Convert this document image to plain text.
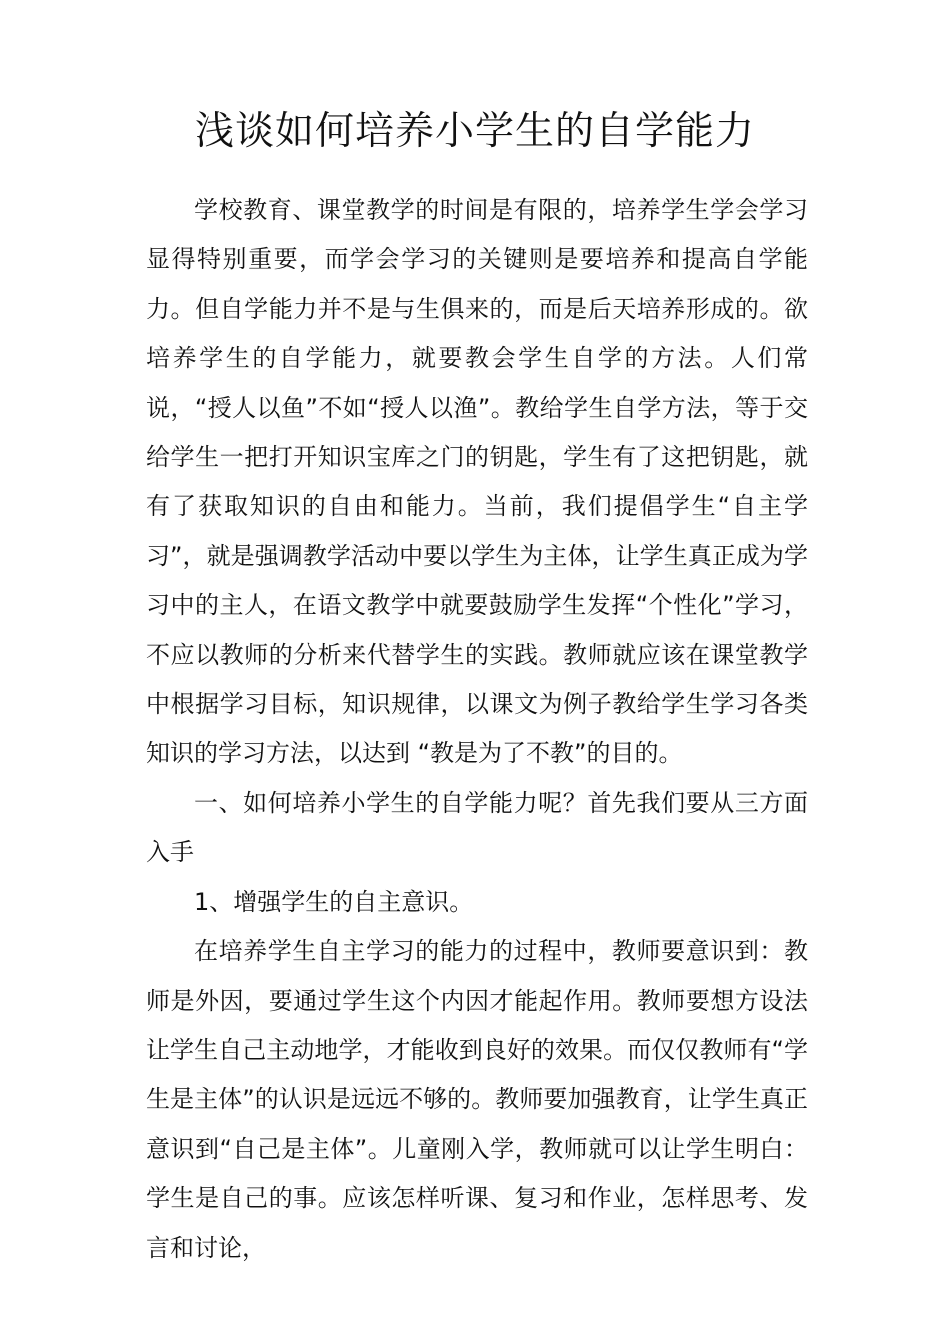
浅谈如何培养小学生的自学能力

学校教育、课堂教学的时间是有限的，培养学生学会学习显得特别重要，而学会学习的关键则是要培养和提高自学能力。但自学能力并不是与生俱来的，而是后天培养形成的。欲培养学生的自学能力，就要教会学生自学的方法。人们常说，“授人以鱼”不如“授人以渔”。教给学生自学方法，等于交给学生一把打开知识宝库之门的钥匙，学生有了这把钥匙，就有了获取知识的自由和能力。当前，我们提倡学生“自主学习”，就是强调教学活动中要以学生为主体，让学生真正成为学习中的主人，在语文教学中就要鼓励学生发挥“个性化”学习，不应以教师的分析来代替学生的实践。教师就应该在课堂教学中根据学习目标，知识规律，以课文为例子教给学生学习各类知识的学习方法，以达到 “教是为了不教”的目的。

一、如何培养小学生的自学能力呢？首先我们要从三方面入手

1、增强学生的自主意识。

在培养学生自主学习的能力的过程中，教师要意识到：教师是外因，要通过学生这个内因才能起作用。教师要想方设法让学生自己主动地学，才能收到良好的效果。而仅仅教师有“学生是主体”的认识是远远不够的。教师要加强教育，让学生真正意识到“自己是主体”。儿童刚入学，教师就可以让学生明白：学生是自己的事。应该怎样听课、复习和作业，怎样思考、发言和讨论，
